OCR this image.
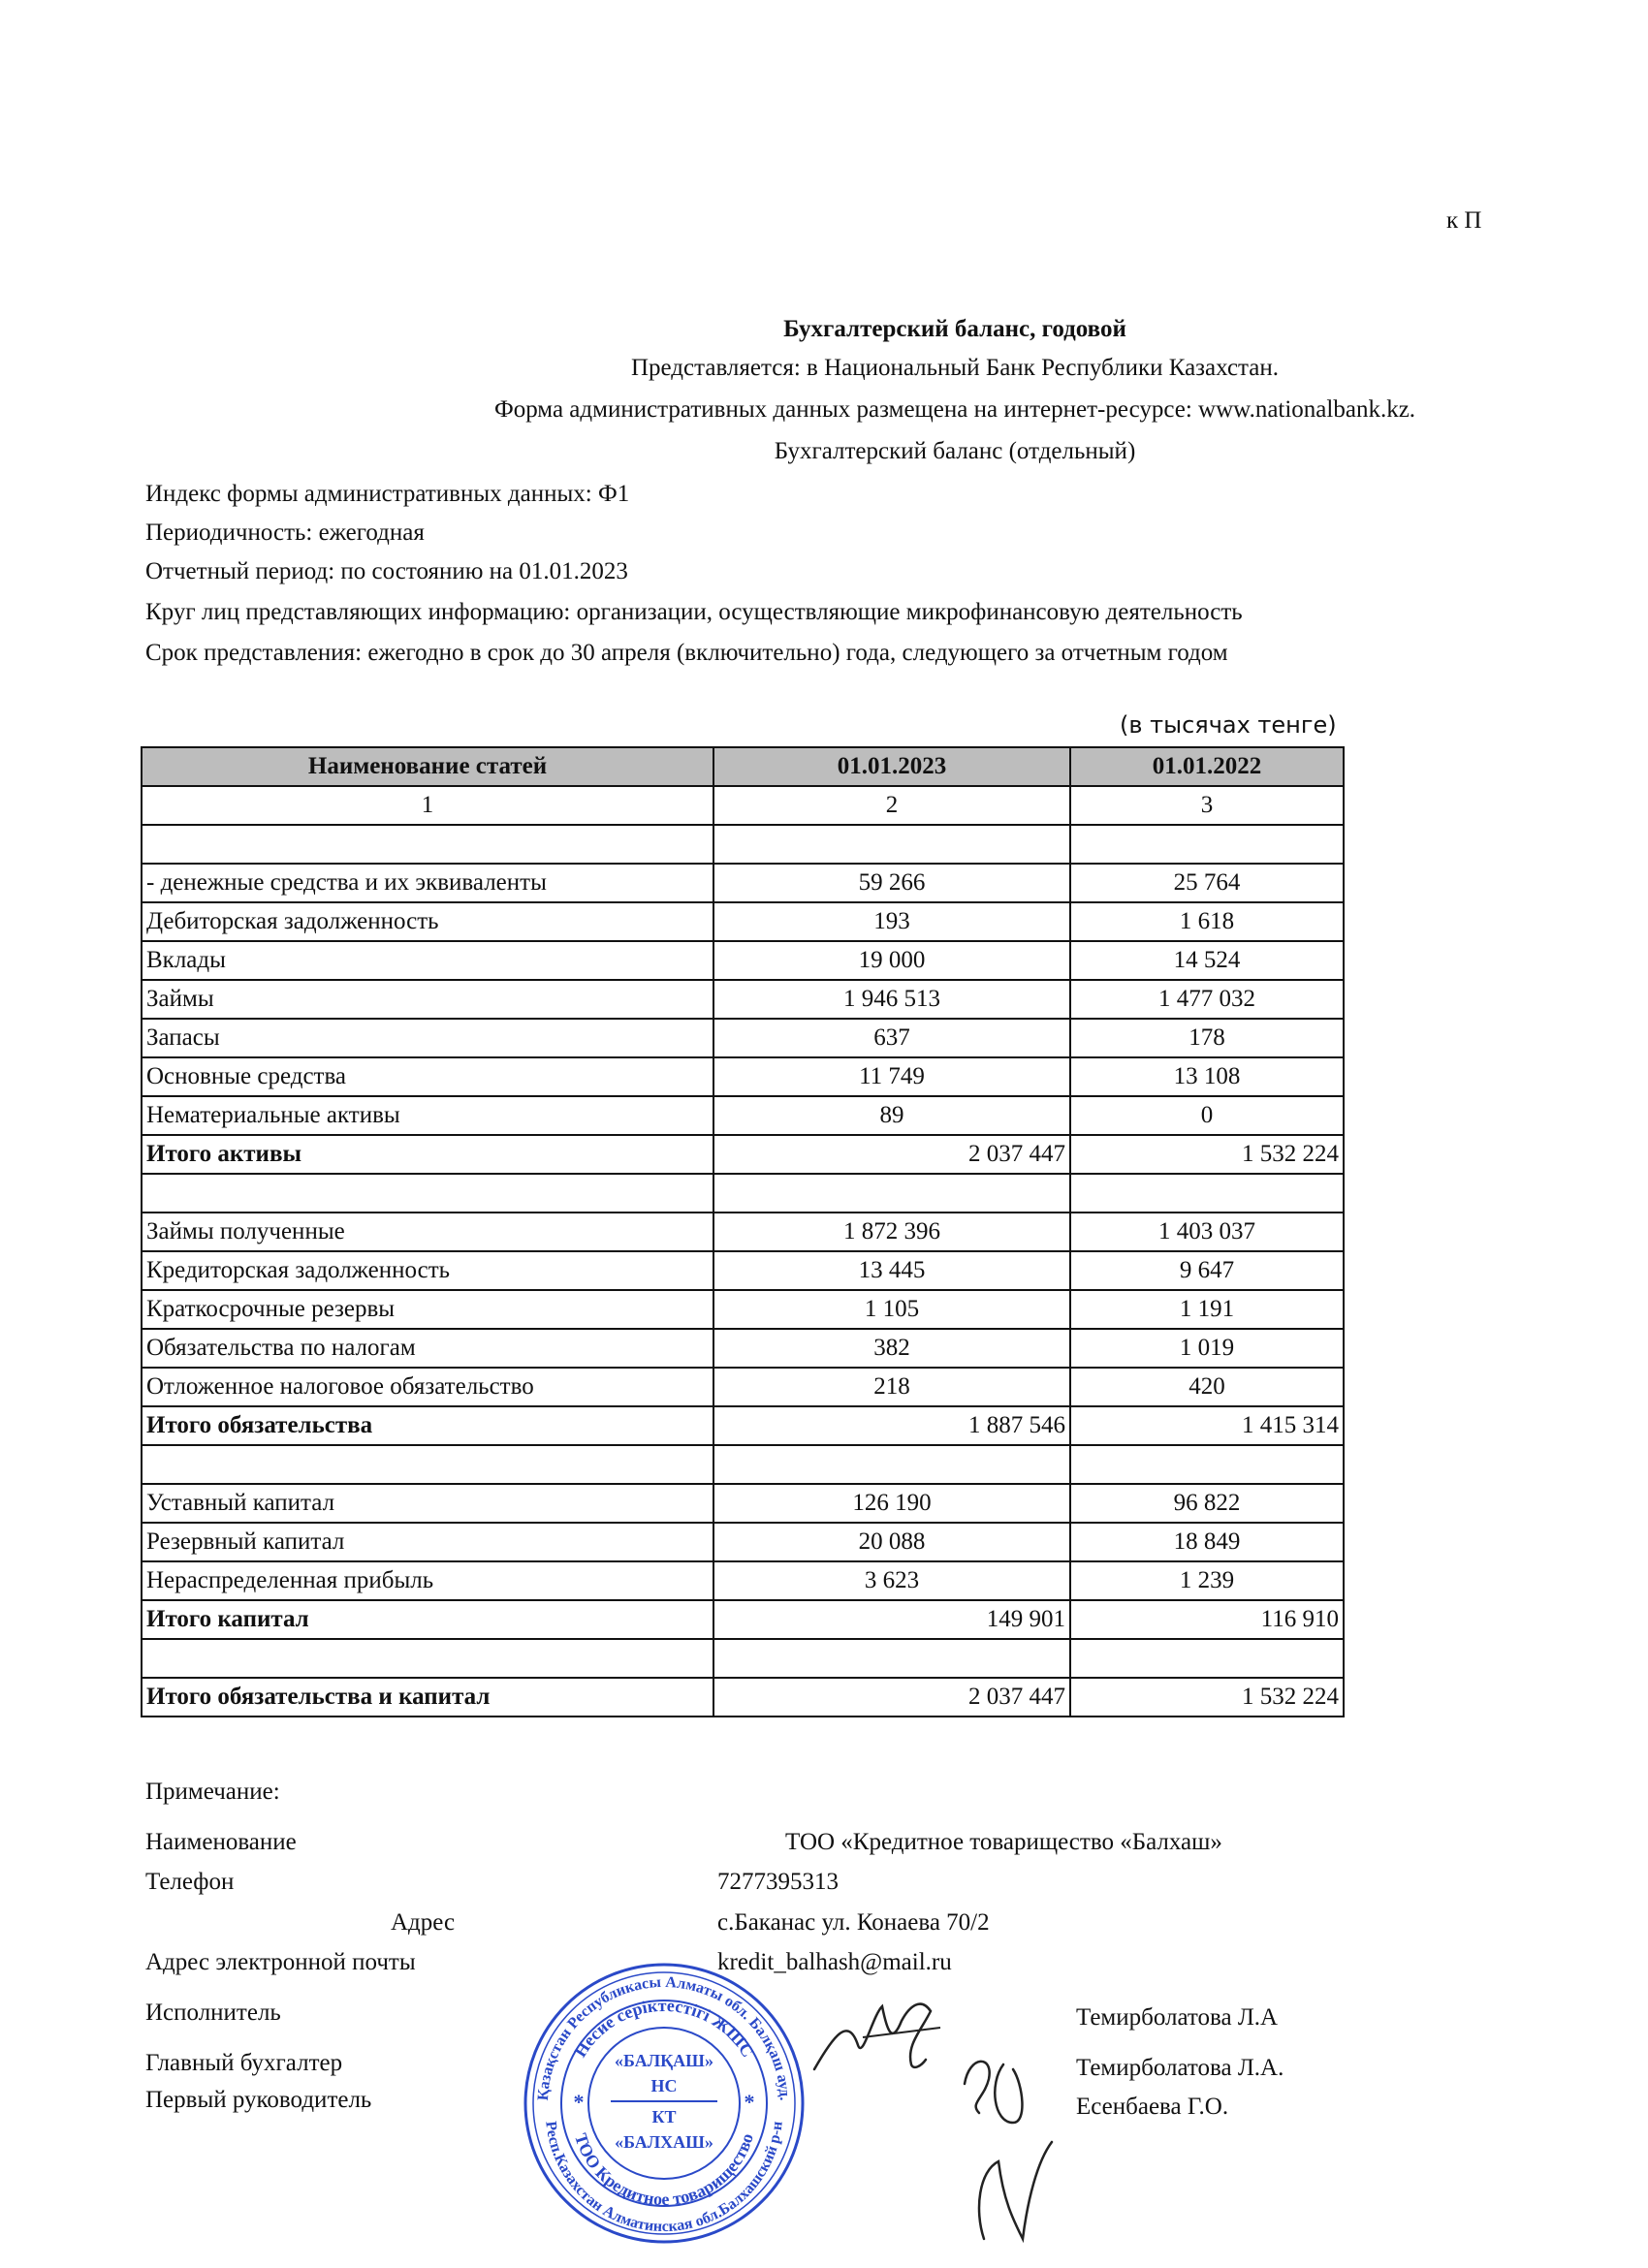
к П
Бухгалтерский баланс, годовой
Представляется: в Национальный Банк Республики Казахстан.
Форма административных данных размещена на интернет-ресурсе: www.nationalbank.kz.
Бухгалтерский баланс (отдельный)
Индекс формы административных данных: Ф1
Периодичность: ежегодная
Отчетный период: по состоянию на 01.01.2023
Круг лиц представляющих информацию: организации, осуществляющие микрофинансовую деятельность
Срок представления: ежегодно в срок до 30 апреля (включительно) года, следующего за отчетным годом
(в тысячах тенге)
Наименование статей	01.01.2023	01.01.2022
1	2	3

- денежные средства и их эквиваленты	59 266	25 764
Дебиторская задолженность	193	1 618
Вклады	19 000	14 524
Займы	1 946 513	1 477 032
Запасы	637	178
Основные средства	11 749	13 108
Нематериальные активы	89	0
Итого активы	2 037 447	1 532 224

Займы полученные	1 872 396	1 403 037
Кредиторская задолженность	13 445	9 647
Краткосрочные резервы	1 105	1 191
Обязательства по налогам	382	1 019
Отложенное налоговое обязательство	218	420
Итого обязательства	1 887 546	1 415 314

Уставный капитал	126 190	96 822
Резервный капитал	20 088	18 849
Нераспределенная прибыль	3 623	1 239
Итого капитал	149 901	116 910

Итого обязательства и капитал	2 037 447	1 532 224
Примечание:
Наименование	ТОО «Кредитное товарищество «Балхаш»
Телефон	7277395313
Адрес	с.Баканас ул. Конаева 70/2
Адрес электронной почты	kredit_balhash@mail.ru
Исполнитель	Темирболатова Л.А
Главный бухгалтер	Темирболатова Л.А.
Первый руководитель	Есенбаева Г.О.
Қазақстан Республикасы Алматы обл. Балқаш ауд.
Несие серіктестігі ЖШС
Респ.Казахстан Алматинская обл.Балхашский р-н
ТОО Кредитное товарищество
«БАЛҚАШ»
НС
КТ
«БАЛХАШ»
*	*
